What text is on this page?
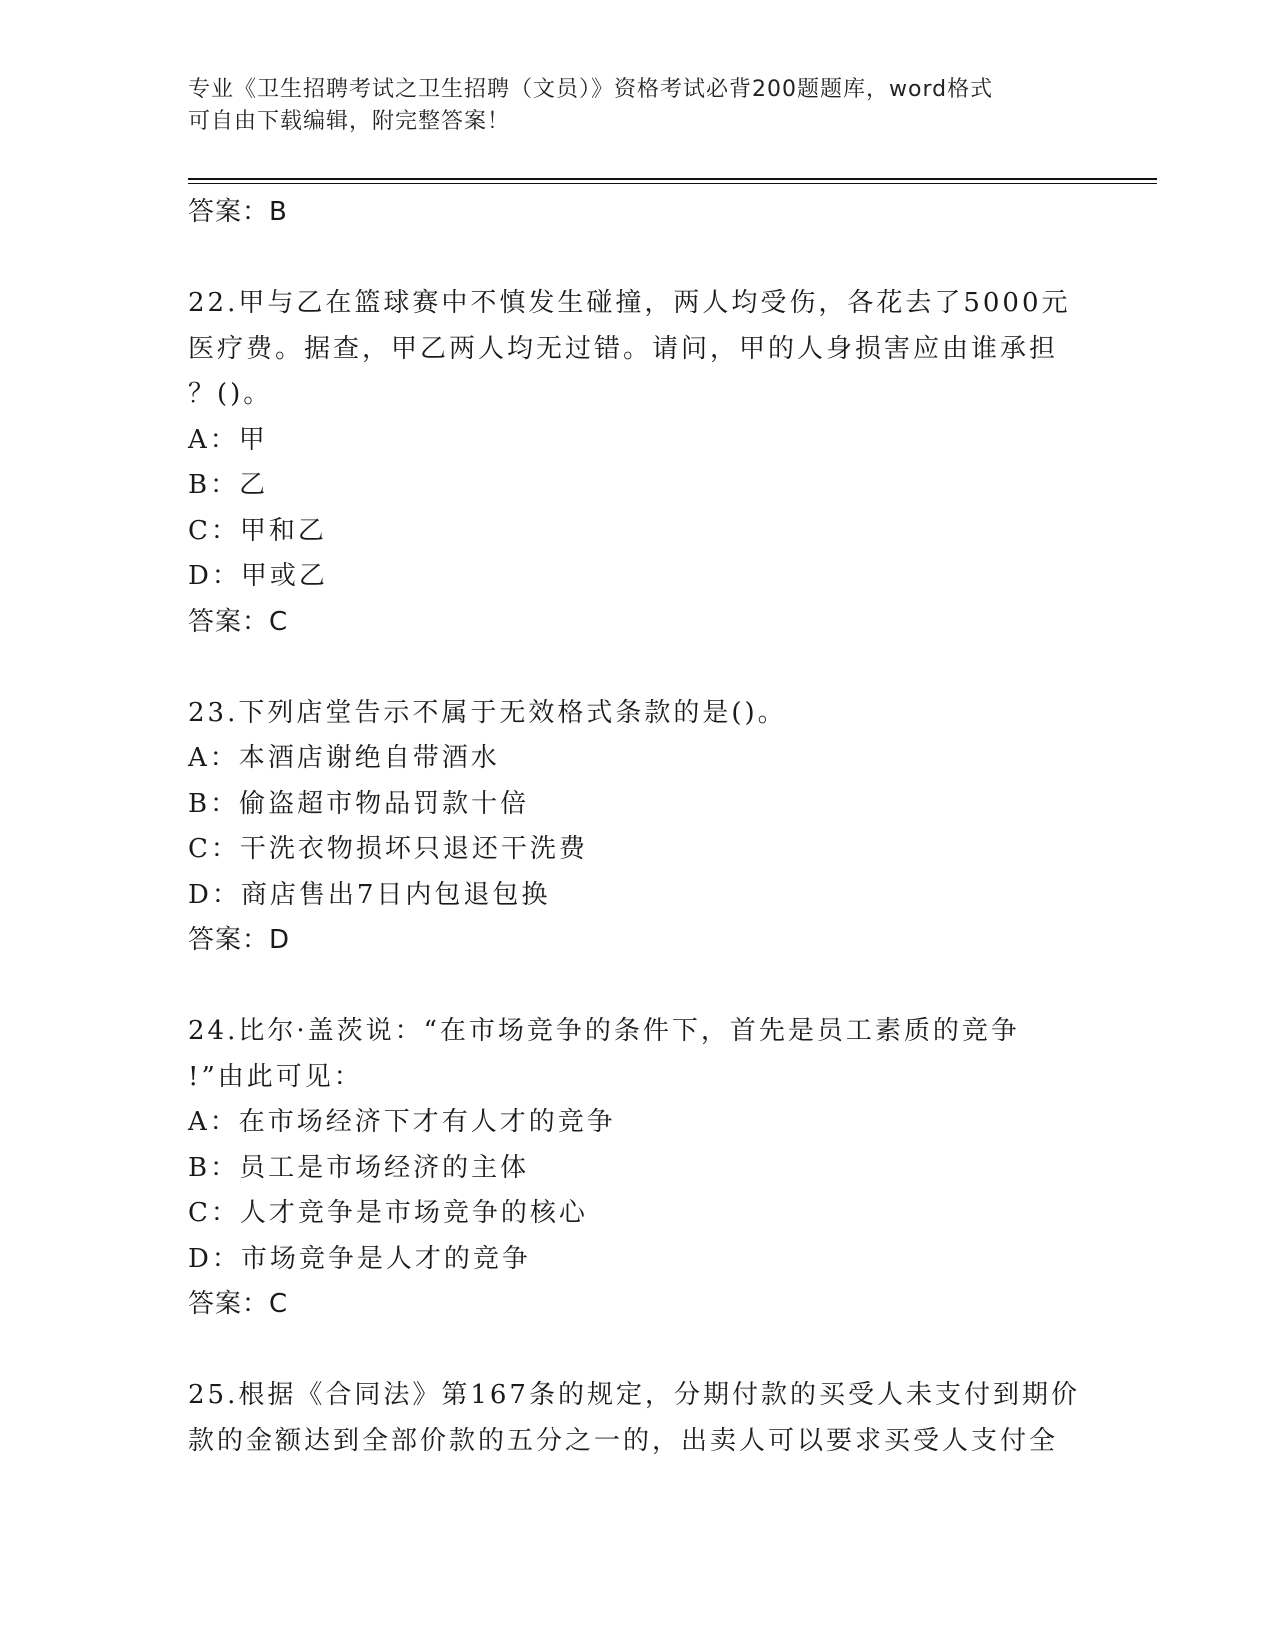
专业《卫生招聘考试之卫生招聘（文员）》资格考试必背200题题库，word格式
可自由下载编辑，附完整答案！
答案：B
22.甲与乙在篮球赛中不慎发生碰撞，两人均受伤，各花去了5000元
医疗费。据查，甲乙两人均无过错。请问，甲的人身损害应由谁承担
？()。
A：甲
B：乙
C：甲和乙
D：甲或乙
答案：C
23.下列店堂告示不属于无效格式条款的是()。
A：本酒店谢绝自带酒水
B：偷盗超市物品罚款十倍
C：干洗衣物损坏只退还干洗费
D：商店售出7日内包退包换
答案：D
24.比尔·盖茨说：“在市场竞争的条件下，首先是员工素质的竞争
!”由此可见：
A：在市场经济下才有人才的竞争
B：员工是市场经济的主体
C：人才竞争是市场竞争的核心
D：市场竞争是人才的竞争
答案：C
25.根据《合同法》第167条的规定，分期付款的买受人未支付到期价
款的金额达到全部价款的五分之一的，出卖人可以要求买受人支付全
